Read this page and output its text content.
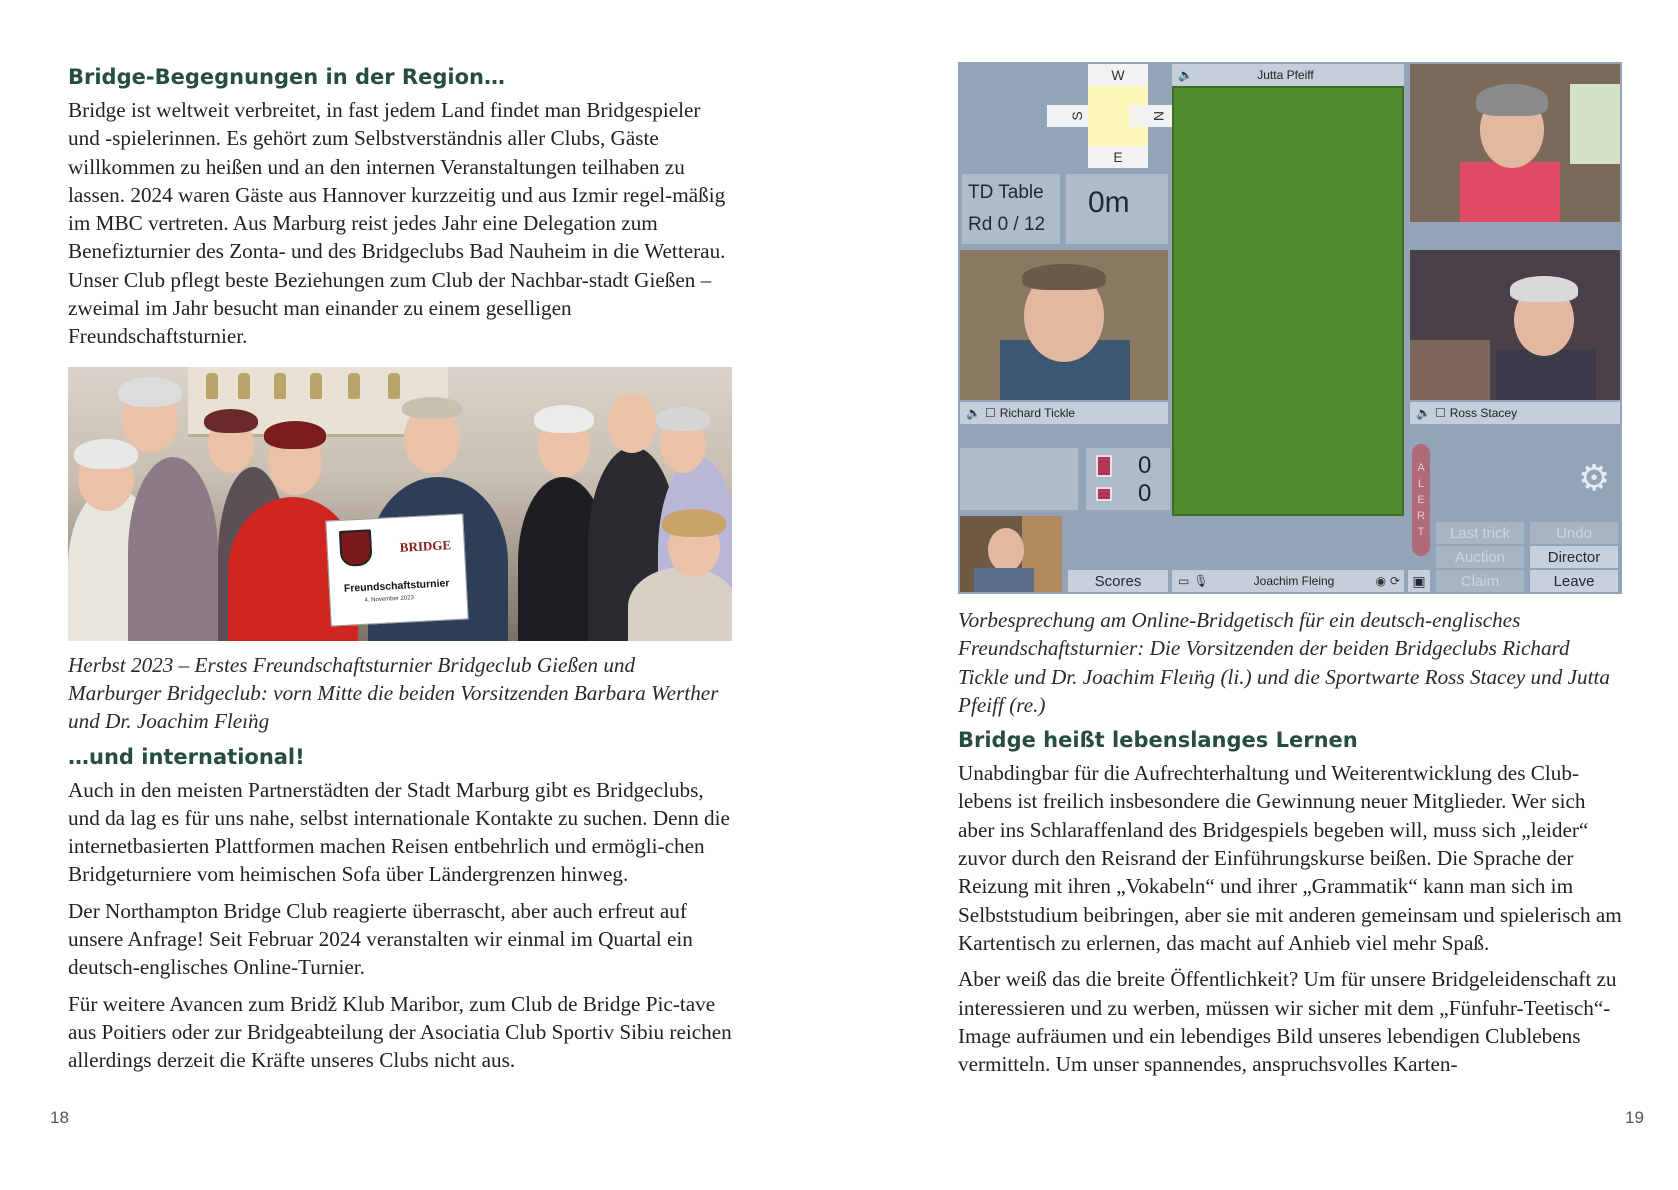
Bridge-Begegnungen in der Region…

Bridge ist weltweit verbreitet, in fast jedem Land findet man Bridgespieler und -spielerinnen. Es gehört zum Selbstverständnis aller Clubs, Gäste willkommen zu heißen und an den internen Veranstaltungen teilhaben zu lassen. 2024 waren Gäste aus Hannover kurzzeitig und aus Izmir regel-mäßig im MBC vertreten. Aus Marburg reist jedes Jahr eine Delegation zum Benefizturnier des Zonta- und des Bridgeclubs Bad Nauheim in die Wetterau. Unser Club pflegt beste Beziehungen zum Club der Nachbar-stadt Gießen – zweimal im Jahr besucht man einander zu einem geselligen Freundschaftsturnier.

BRIDGE
Freundschaftsturnier
4. November 2023

Herbst 2023 – Erstes Freundschaftsturnier Bridgeclub Gießen und Marburger Bridgeclub: vorn Mitte die beiden Vorsitzenden Barbara Werther und Dr. Joachim Fleı̈ng

…und international!

Auch in den meisten Partnerstädten der Stadt Marburg gibt es Bridgeclubs, und da lag es für uns nahe, selbst internationale Kontakte zu suchen. Denn die internetbasierten Plattformen machen Reisen entbehrlich und ermögli-chen Bridgeturniere vom heimischen Sofa über Ländergrenzen hinweg.

Der Northampton Bridge Club reagierte überrascht, aber auch erfreut auf unsere Anfrage! Seit Februar 2024 veranstalten wir einmal im Quartal ein deutsch-englisches Online-Turnier.

Für weitere Avancen zum Bridž Klub Maribor, zum Club de Bridge Pic-tave aus Poitiers oder zur Bridgeabteilung der Asociatia Club Sportiv Sibiu reichen allerdings derzeit die Kräfte unseres Clubs nicht aus.

18
W
S	N
E
TD Table
Rd 0 / 12
0m
🔈	Jutta Pfeiff
🔈 ☐ Richard Tickle	🔈 ☐ Ross Stacey
0
0
Scores	▭ 🎙	Joachim Fleing	◉ ⟳ ▣
A
L
E
R
T
⚙
Last trick	Undo
Auction	Director
Claim	Leave

Vorbesprechung am Online-Bridgetisch für ein deutsch-englisches Freundschaftsturnier: Die Vorsitzenden der beiden Bridgeclubs Richard Tickle und Dr. Joachim Fleı̈ng (li.) und die Sportwarte Ross Stacey und Jutta Pfeiff (re.)

Bridge heißt lebenslanges Lernen

Unabdingbar für die Aufrechterhaltung und Weiterentwicklung des Club-lebens ist freilich insbesondere die Gewinnung neuer Mitglieder. Wer sich aber ins Schlaraffenland des Bridgespiels begeben will, muss sich „leider“ zuvor durch den Reisrand der Einführungskurse beißen. Die Sprache der Reizung mit ihren „Vokabeln“ und ihrer „Grammatik“ kann man sich im Selbststudium beibringen, aber sie mit anderen gemeinsam und spielerisch am Kartentisch zu erlernen, das macht auf Anhieb viel mehr Spaß.

Aber weiß das die breite Öffentlichkeit? Um für unsere Bridgeleidenschaft zu interessieren und zu werben, müssen wir sicher mit dem „Fünfuhr-Teetisch“-Image aufräumen und ein lebendiges Bild unseres lebendigen Clublebens vermitteln. Um unser spannendes, anspruchsvolles Karten-

19
